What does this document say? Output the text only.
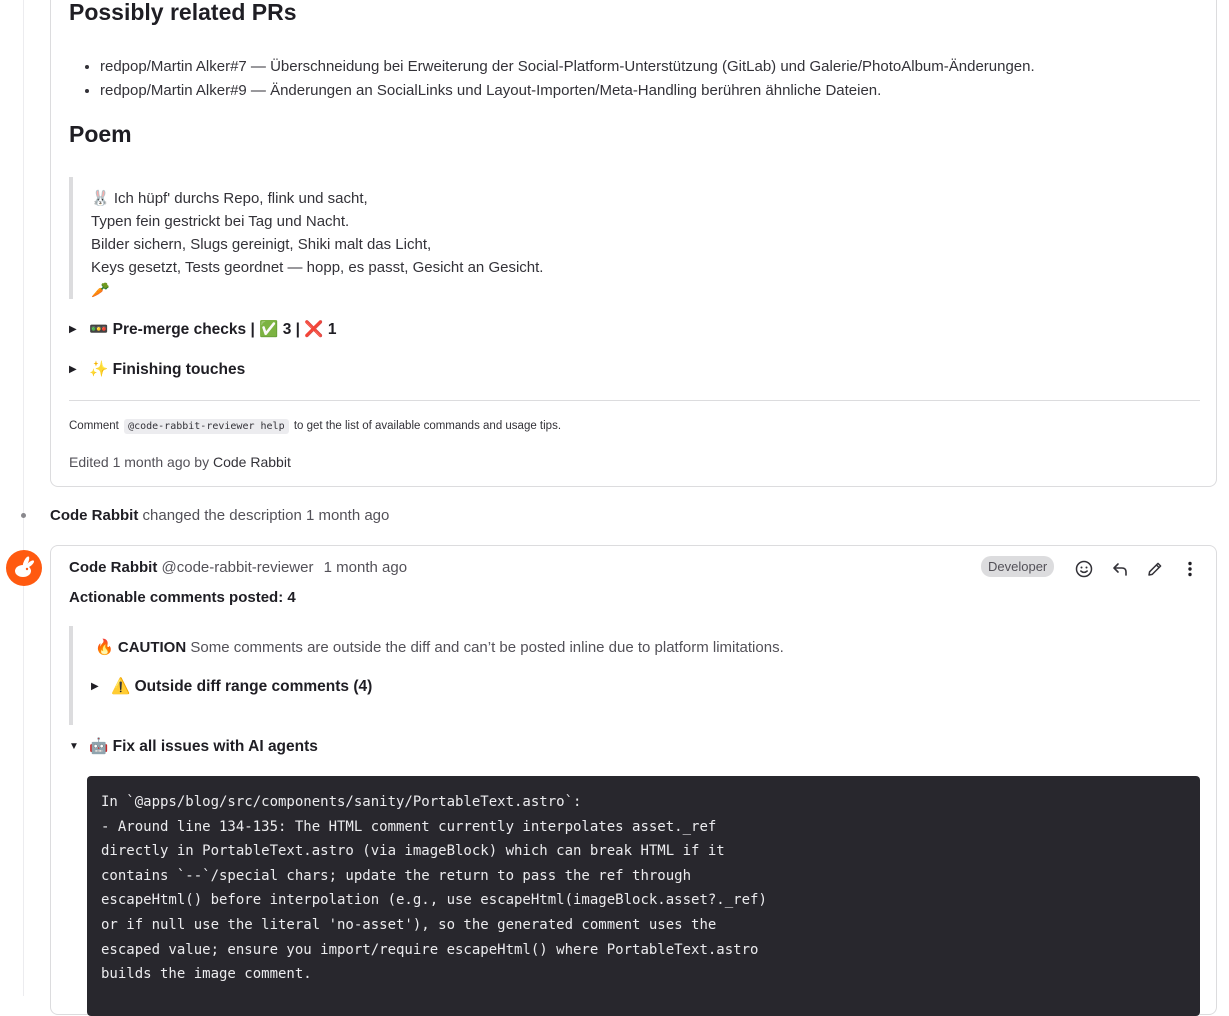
Possibly related PRs
• redpop/Martin Alker#7 — Überschneidung bei Erweiterung der Social-Platform-Unterstützung (GitLab) und Galerie/PhotoAlbum-Änderungen.
• redpop/Martin Alker#9 — Änderungen an SocialLinks und Layout-Importen/Meta-Handling berühren ähnliche Dateien.
Poem
🐰 Ich hüpf' durchs Repo, flink und sacht,
Typen fein gestrickt bei Tag und Nacht.
Bilder sichern, Slugs gereinigt, Shiki malt das Licht,
Keys gesetzt, Tests geordnet — hopp, es passt, Gesicht an Gesicht.
🥕
▶ 🚥 Pre-merge checks | ✅ 3 | ❌ 1
▶ ✨ Finishing touches
Comment @code-rabbit-reviewer help to get the list of available commands and usage tips.
Edited 1 month ago by Code Rabbit
Code Rabbit changed the description 1 month ago
Code Rabbit @code-rabbit-reviewer 1 month ago	Developer
Actionable comments posted: 4
🔥 CAUTION Some comments are outside the diff and can’t be posted inline due to platform limitations.
▶ ⚠️ Outside diff range comments (4)
▼ 🤖 Fix all issues with AI agents
In `@apps/blog/src/components/sanity/PortableText.astro`:
- Around line 134-135: The HTML comment currently interpolates asset._ref
directly in PortableText.astro (via imageBlock) which can break HTML if it
contains `--`/special chars; update the return to pass the ref through
escapeHtml() before interpolation (e.g., use escapeHtml(imageBlock.asset?._ref)
or if null use the literal 'no-asset'), so the generated comment uses the
escaped value; ensure you import/require escapeHtml() where PortableText.astro
builds the image comment.
